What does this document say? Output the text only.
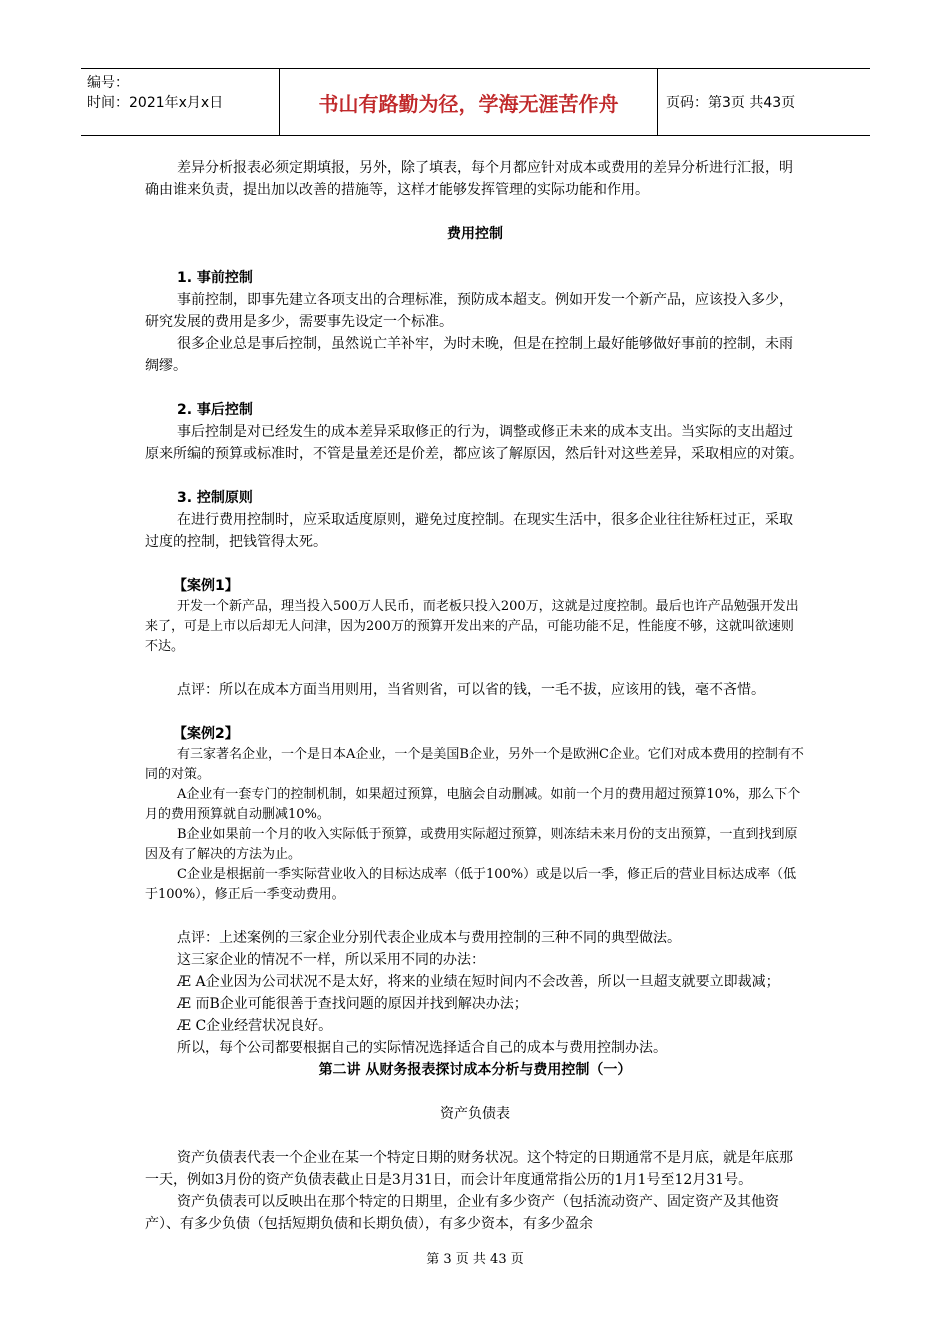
编号：
时间：2021年x月x日	书山有路勤为径，学海无涯苦作舟	页码：第3页 共43页

差异分析报表必须定期填报，另外，除了填表，每个月都应针对成本或费用的差异分析进行汇报，明确由谁来负责，提出加以改善的措施等，这样才能够发挥管理的实际功能和作用。

费用控制

1. 事前控制

事前控制，即事先建立各项支出的合理标准，预防成本超支。例如开发一个新产品，应该投入多少，研究发展的费用是多少，需要事先设定一个标准。

很多企业总是事后控制，虽然说亡羊补牢，为时未晚，但是在控制上最好能够做好事前的控制，未雨绸缪。

2. 事后控制

事后控制是对已经发生的成本差异采取修正的行为，调整或修正未来的成本支出。当实际的支出超过原来所编的预算或标准时，不管是量差还是价差，都应该了解原因，然后针对这些差异，采取相应的对策。

3. 控制原则

在进行费用控制时，应采取适度原则，避免过度控制。在现实生活中，很多企业往往矫枉过正，采取过度的控制，把钱管得太死。

【案例1】

开发一个新产品，理当投入500万人民币，而老板只投入200万，这就是过度控制。最后也许产品勉强开发出来了，可是上市以后却无人问津，因为200万的预算开发出来的产品，可能功能不足，性能度不够，这就叫欲速则不达。

点评：所以在成本方面当用则用，当省则省，可以省的钱，一毛不拔，应该用的钱，毫不吝惜。

【案例2】

有三家著名企业，一个是日本A企业，一个是美国B企业，另外一个是欧洲C企业。它们对成本费用的控制有不同的对策。

A企业有一套专门的控制机制，如果超过预算，电脑会自动删减。如前一个月的费用超过预算10%，那么下个月的费用预算就自动删减10%。

B企业如果前一个月的收入实际低于预算，或费用实际超过预算，则冻结未来月份的支出预算，一直到找到原因及有了解决的方法为止。

C企业是根据前一季实际营业收入的目标达成率（低于100%）或是以后一季，修正后的营业目标达成率（低于100%），修正后一季变动费用。

点评：上述案例的三家企业分别代表企业成本与费用控制的三种不同的典型做法。

这三家企业的情况不一样，所以采用不同的办法：

Æ A企业因为公司状况不是太好，将来的业绩在短时间内不会改善，所以一旦超支就要立即裁减；

Æ 而B企业可能很善于查找问题的原因并找到解决办法；

Æ C企业经营状况良好。

所以，每个公司都要根据自己的实际情况选择适合自己的成本与费用控制办法。

第二讲 从财务报表探讨成本分析与费用控制（一）

资产负债表

资产负债表代表一个企业在某一个特定日期的财务状况。这个特定的日期通常不是月底，就是年底那一天，例如3月份的资产负债表截止日是3月31日，而会计年度通常指公历的1月1号至12月31号。

资产负债表可以反映出在那个特定的日期里，企业有多少资产（包括流动资产、固定资产及其他资产）、有多少负债（包括短期负债和长期负债），有多少资本，有多少盈余

第 3 页 共 43 页
